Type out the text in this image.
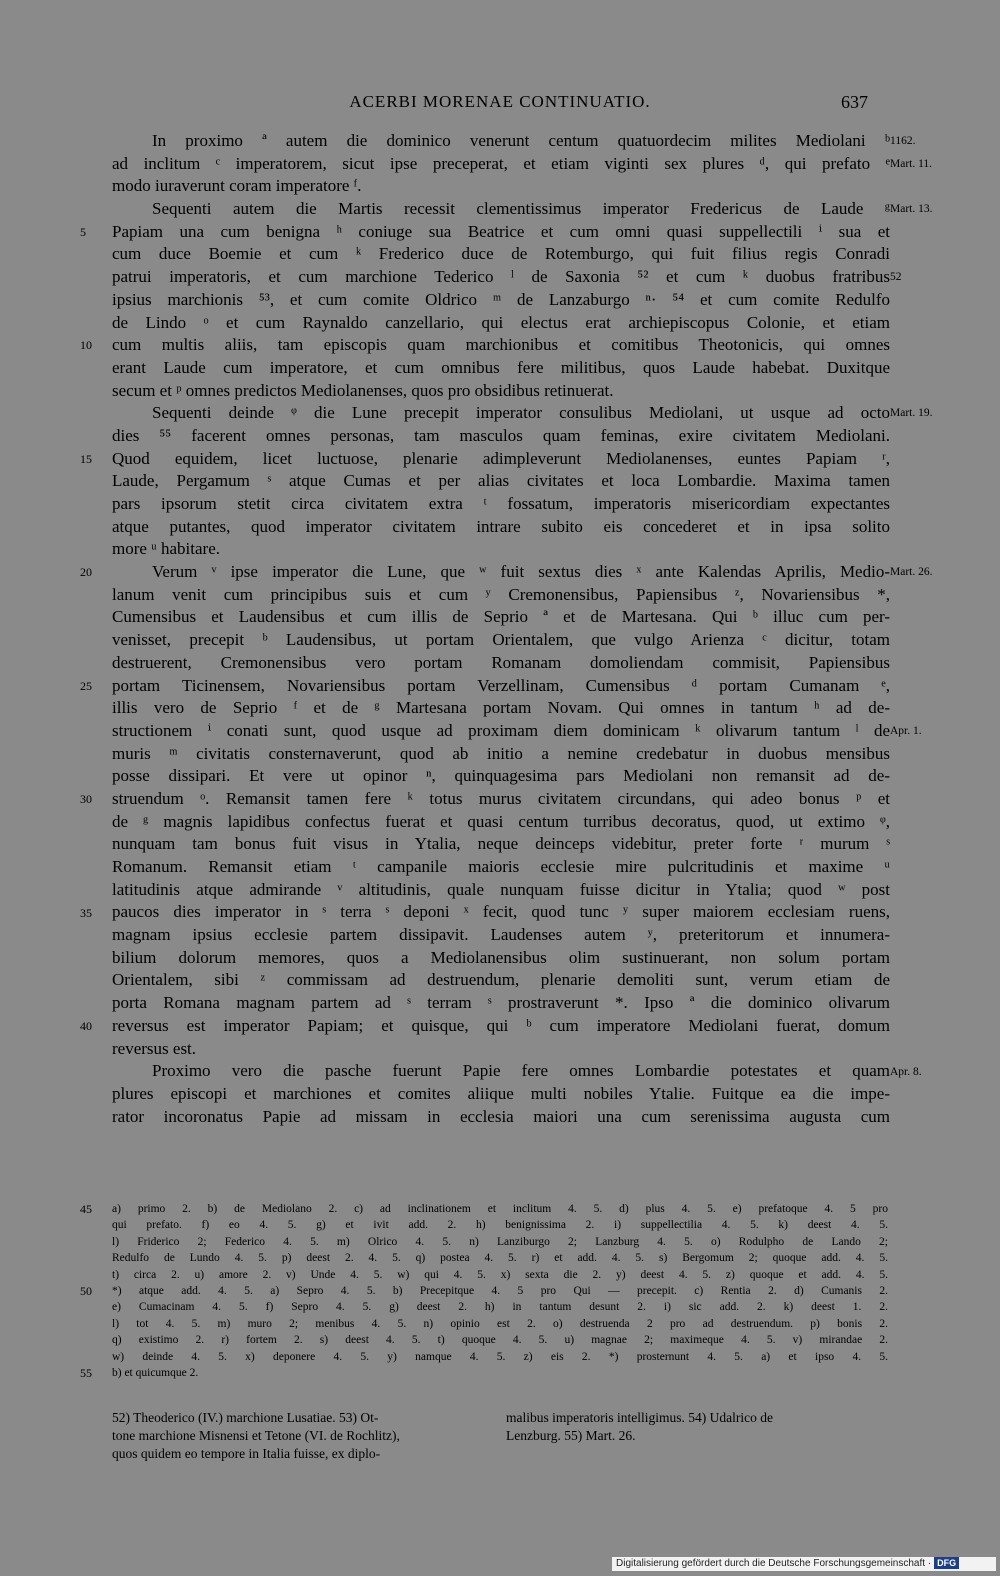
ACERBI MORENAE CONTINUATIO.	637
In proximo ª autem die dominico venerunt centum quatuordecim milites Mediolani ᵇ
ad inclitum ᶜ imperatorem, sicut ipse preceperat, et etiam viginti sex plures ᵈ, qui prefato ᵉ
modo iuraverunt coram imperatore ᶠ.
Sequenti autem die Martis recessit clementissimus imperator Fredericus de Laude ᵍ
Papiam una cum benigna ʰ coniuge sua Beatrice et cum omni quasi suppellectili ⁱ sua et
cum duce Boemie et cum ᵏ Frederico duce de Rotemburgo, qui fuit filius regis Conradi
patrui imperatoris, et cum marchione Tederico ˡ de Saxonia ⁵² et cum ᵏ duobus fratribus
ipsius marchionis ⁵³, et cum comite Oldrico ᵐ de Lanzaburgo ⁿ· ⁵⁴ et cum comite Redulfo
de Lindo ᵒ et cum Raynaldo canzellario, qui electus erat archiepiscopus Colonie, et etiam
cum multis aliis, tam episcopis quam marchionibus et comitibus Theotonicis, qui omnes
erant Laude cum imperatore, et cum omnibus fere militibus, quos Laude habebat. Duxitque
secum et ᵖ omnes predictos Mediolanenses, quos pro obsidibus retinuerat.
Sequenti deinde ᵠ die Lune precepit imperator consulibus Mediolani, ut usque ad octo
dies ⁵⁵ facerent omnes personas, tam masculos quam feminas, exire civitatem Mediolani.
Quod equidem, licet luctuose, plenarie adimpleverunt Mediolanenses, euntes Papiam ʳ,
Laude, Pergamum ˢ atque Cumas et per alias civitates et loca Lombardie. Maxima tamen
pars ipsorum stetit circa civitatem extra ᵗ fossatum, imperatoris misericordiam expectantes
atque putantes, quod imperator civitatem intrare subito eis concederet et in ipsa solito
more ᵘ habitare.
Verum ᵛ ipse imperator die Lune, que ʷ fuit sextus dies ˣ ante Kalendas Aprilis, Medio-
lanum venit cum principibus suis et cum ʸ Cremonensibus, Papiensibus ᶻ, Novariensibus *,
Cumensibus et Laudensibus et cum illis de Seprio ª et de Martesana. Qui ᵇ illuc cum per-
venisset, precepit ᵇ Laudensibus, ut portam Orientalem, que vulgo Arienza ᶜ dicitur, totam
destruerent, Cremonensibus vero portam Romanam domoliendam commisit, Papiensibus
portam Ticinensem, Novariensibus portam Verzellinam, Cumensibus ᵈ portam Cumanam ᵉ,
illis vero de Seprio ᶠ et de ᵍ Martesana portam Novam. Qui omnes in tantum ʰ ad de-
structionem ⁱ conati sunt, quod usque ad proximam diem dominicam ᵏ olivarum tantum ˡ de
muris ᵐ civitatis consternaverunt, quod ab initio a nemine credebatur in duobus mensibus
posse dissipari. Et vere ut opinor ⁿ, quinquagesima pars Mediolani non remansit ad de-
struendum ᵒ. Remansit tamen fere ᵏ totus murus civitatem circundans, qui adeo bonus ᵖ et
de ᵍ magnis lapidibus confectus fuerat et quasi centum turribus decoratus, quod, ut extimo ᵠ,
nunquam tam bonus fuit visus in Ytalia, neque deinceps videbitur, preter forte ʳ murum ˢ
Romanum. Remansit etiam ᵗ campanile maioris ecclesie mire pulcritudinis et maxime ᵘ
latitudinis atque admirande ᵛ altitudinis, quale nunquam fuisse dicitur in Ytalia; quod ʷ post
paucos dies imperator in ˢ terra ˢ deponi ˣ fecit, quod tunc ʸ super maiorem ecclesiam ruens,
magnam ipsius ecclesie partem dissipavit. Laudenses autem ʸ, preteritorum et innumera-
bilium dolorum memores, quos a Mediolanensibus olim sustinuerant, non solum portam
Orientalem, sibi ᶻ commissam ad destruendum, plenarie demoliti sunt, verum etiam de
porta Romana magnam partem ad ˢ terram ˢ prostraverunt *. Ipso ª die dominico olivarum
reversus est imperator Papiam; et quisque, qui ᵇ cum imperatore Mediolani fuerat, domum
reversus est.
Proximo vero die pasche fuerunt Papie fere omnes Lombardie potestates et quam
plures episcopi et marchiones et comites aliique multi nobiles Ytalie. Fuitque ea die impe-
rator incoronatus Papie ad missam in ecclesia maiori una cum serenissima augusta cum
1162.
Mart. 11.
Mart. 13.
52
Mart. 19.
Mart. 26.
Apr. 1.
Apr. 8.
5
10
15
20
25
30
35
40
a) primo 2. b) de Mediolano 2. c) ad inclinationem et inclitum 4. 5. d) plus 4. 5. e) prefatoque 4. 5 pro
qui prefato. f) eo 4. 5. g) et ivit add. 2. h) benignissima 2. i) suppellectilia 4. 5. k) deest 4. 5.
l) Friderico 2; Federico 4. 5. m) Olrico 4. 5. n) Lanziburgo 2; Lanzburg 4. 5. o) Rodulpho de Lando 2;
Redulfo de Lundo 4. 5. p) deest 2. 4. 5. q) postea 4. 5. r) et add. 4. 5. s) Bergomum 2; quoque add. 4. 5.
t) circa 2. u) amore 2. v) Unde 4. 5. w) qui 4. 5. x) sexta die 2. y) deest 4. 5. z) quoque et add. 4. 5.
*) atque add. 4. 5. a) Sepro 4. 5. b) Precepitque 4. 5 pro Qui — precepit. c) Rentia 2. d) Cumanis 2.
e) Cumacinam 4. 5. f) Sepro 4. 5. g) deest 2. h) in tantum desunt 2. i) sic add. 2. k) deest 1. 2.
l) tot 4. 5. m) muro 2; menibus 4. 5. n) opinio est 2. o) destruenda 2 pro ad destruendum. p) bonis 2.
q) existimo 2. r) fortem 2. s) deest 4. 5. t) quoque 4. 5. u) magnae 2; maximeque 4. 5. v) mirandae 2.
w) deinde 4. 5. x) deponere 4. 5. y) namque 4. 5. z) eis 2. *) prosternunt 4. 5. a) et ipso 4. 5.
b) et quicumque 2.
45
50
55
52) Theoderico (IV.) marchione Lusatiae. 53) Ot-	malibus imperatoris intelligimus. 54) Udalrico de
tone marchione Misnensi et Tetone (VI. de Rochlitz),	Lenzburg. 55) Mart. 26.
quos quidem eo tempore in Italia fuisse, ex diplo-
Digitalisierung gefördert durch die Deutsche Forschungsgemeinschaft · DFG
